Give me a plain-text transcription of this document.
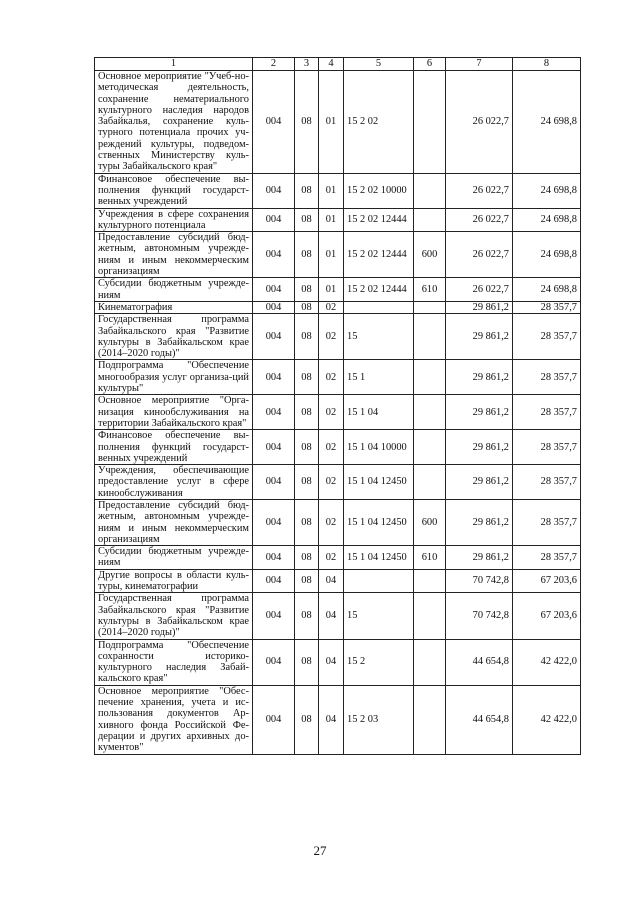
1	2	3	4	5	6	7	8
Основное мероприятие "Учеб-но-методическая деятельность, сохранение нематериального культурного наследия народов Забайкалья, сохранение куль-турного потенциала прочих уч-реждений культуры, подведом-ственных Министерству куль-туры Забайкальского края"	004	08	01	15 2 02		26 022,7	24 698,8
Финансовое обеспечение вы-полнения функций государст-венных учреждений	004	08	01	15 2 02 10000		26 022,7	24 698,8
Учреждения в сфере сохранения культурного потенциала	004	08	01	15 2 02 12444		26 022,7	24 698,8
Предоставление субсидий бюд-жетным, автономным учрежде-ниям и иным некоммерческим организациям	004	08	01	15 2 02 12444	600	26 022,7	24 698,8
Субсидии бюджетным учрежде-ниям	004	08	01	15 2 02 12444	610	26 022,7	24 698,8
Кинематография	004	08	02			29 861,2	28 357,7
Государственная программа Забайкальского края "Развитие культуры в Забайкальском крае (2014–2020 годы)"	004	08	02	15		29 861,2	28 357,7
Подпрограмма "Обеспечение многообразия услуг организа-ций культуры"	004	08	02	15 1		29 861,2	28 357,7
Основное мероприятие "Орга-низация кинообслуживания на территории Забайкальского края"	004	08	02	15 1 04		29 861,2	28 357,7
Финансовое обеспечение вы-полнения функций государст-венных учреждений	004	08	02	15 1 04 10000		29 861,2	28 357,7
Учреждения, обеспечивающие предоставление услуг в сфере кинообслуживания	004	08	02	15 1 04 12450		29 861,2	28 357,7
Предоставление субсидий бюд-жетным, автономным учрежде-ниям и иным некоммерческим организациям	004	08	02	15 1 04 12450	600	29 861,2	28 357,7
Субсидии бюджетным учрежде-ниям	004	08	02	15 1 04 12450	610	29 861,2	28 357,7
Другие вопросы в области куль-туры, кинематографии	004	08	04			70 742,8	67 203,6
Государственная программа Забайкальского края "Развитие культуры в Забайкальском крае (2014–2020 годы)"	004	08	04	15		70 742,8	67 203,6
Подпрограмма "Обеспечение сохранности историко-культурного наследия Забай-кальского края"	004	08	04	15 2		44 654,8	42 422,0
Основное мероприятие "Обес-печение хранения, учета и ис-пользования документов Ар-хивного фонда Российской Фе-дерации и других архивных до-кументов"	004	08	04	15 2 03		44 654,8	42 422,0
27
